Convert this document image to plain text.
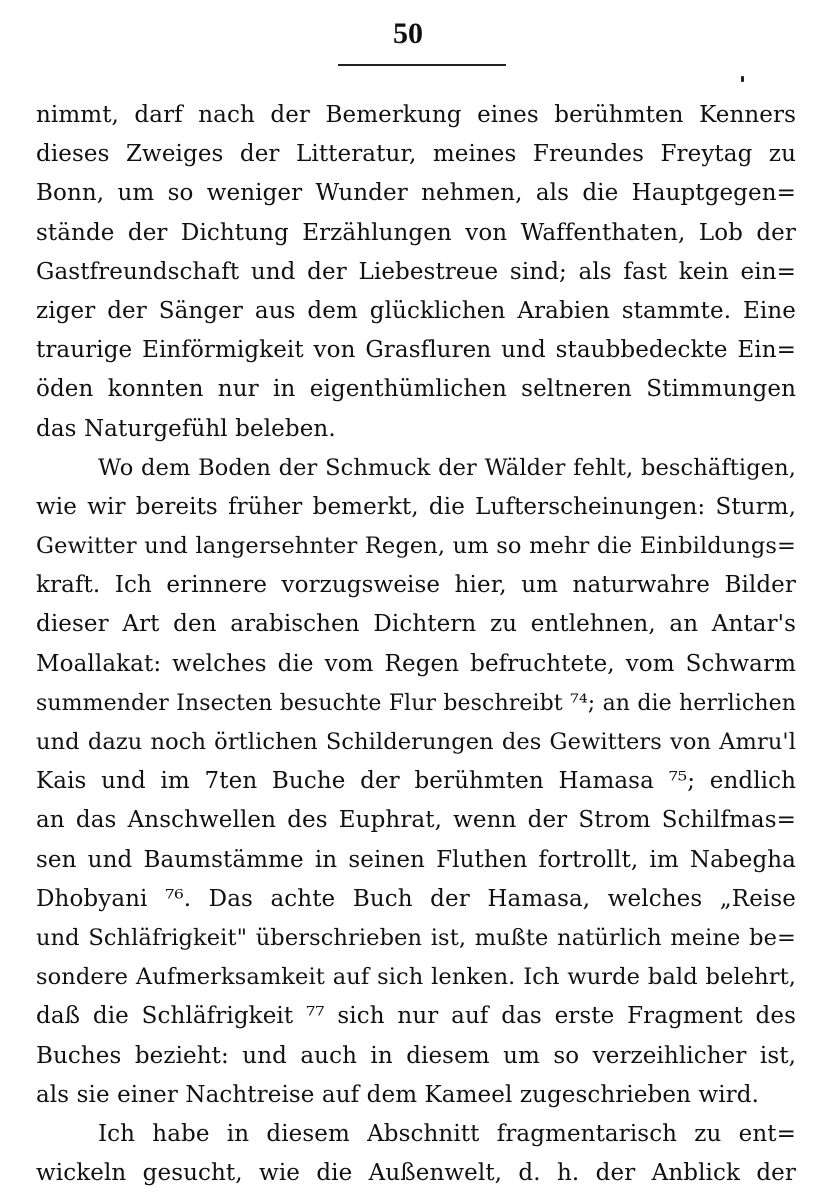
50
nimmt, darf nach der Bemerkung eines berühmten Kenners
dieses Zweiges der Litteratur, meines Freundes Freytag zu
Bonn, um so weniger Wunder nehmen, als die Hauptgegen=
stände der Dichtung Erzählungen von Waffenthaten, Lob der
Gastfreundschaft und der Liebestreue sind; als fast kein ein=
ziger der Sänger aus dem glücklichen Arabien stammte. Eine
traurige Einförmigkeit von Grasfluren und staubbedeckte Ein=
öden konnten nur in eigenthümlichen seltneren Stimmungen
das Naturgefühl beleben.
Wo dem Boden der Schmuck der Wälder fehlt, beschäftigen,
wie wir bereits früher bemerkt, die Lufterscheinungen: Sturm,
Gewitter und langersehnter Regen, um so mehr die Einbildungs=
kraft. Ich erinnere vorzugsweise hier, um naturwahre Bilder
dieser Art den arabischen Dichtern zu entlehnen, an Antar's
Moallakat: welches die vom Regen befruchtete, vom Schwarm
summender Insecten besuchte Flur beschreibt ⁷⁴; an die herrlichen
und dazu noch örtlichen Schilderungen des Gewitters von Amru'l
Kais und im 7ten Buche der berühmten Hamasa ⁷⁵; endlich
an das Anschwellen des Euphrat, wenn der Strom Schilfmas=
sen und Baumstämme in seinen Fluthen fortrollt, im Nabegha
Dhobyani ⁷⁶. Das achte Buch der Hamasa, welches „Reise
und Schläfrigkeit" überschrieben ist, mußte natürlich meine be=
sondere Aufmerksamkeit auf sich lenken. Ich wurde bald belehrt,
daß die Schläfrigkeit ⁷⁷ sich nur auf das erste Fragment des
Buches bezieht: und auch in diesem um so verzeihlicher ist,
als sie einer Nachtreise auf dem Kameel zugeschrieben wird.
Ich habe in diesem Abschnitt fragmentarisch zu ent=
wickeln gesucht, wie die Außenwelt, d. h. der Anblick der
